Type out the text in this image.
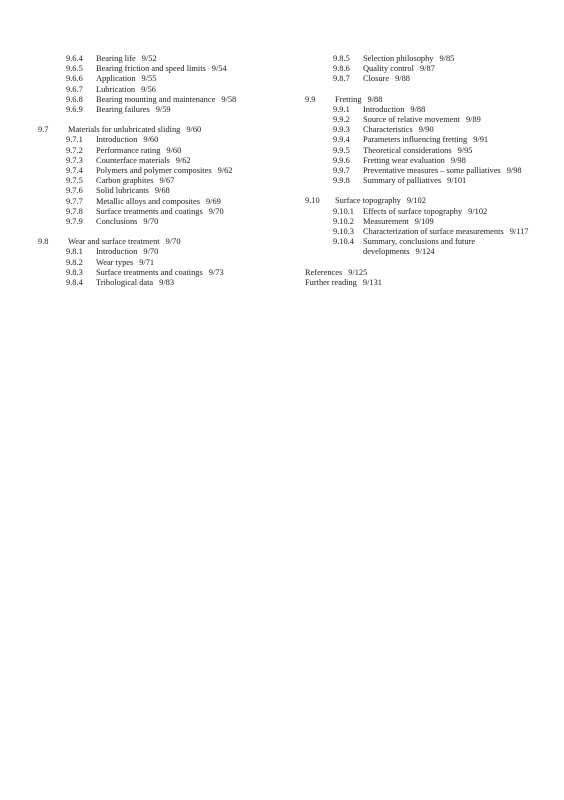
9.6.4	Bearing life 9/52
9.6.5	Bearing friction and speed limits 9/54
9.6.6	Application 9/55
9.6.7	Lubrication 9/56
9.6.8	Bearing mounting and maintenance 9/58
9.6.9	Bearing failures 9/59
9.7	Materials for unlubricated sliding 9/60
9.7.1	Introduction 9/60
9.7.2	Performance rating 9/60
9.7.3	Counterface materials 9/62
9.7.4	Polymers and polymer composites 9/62
9.7.5	Carbon graphites 9/67
9.7.6	Solid lubricants 9/68
9.7.7	Metallic alloys and composites 9/69
9.7.8	Surface treatments and coatings 9/70
9.7.9	Conclusions 9/70
9.8	Wear and surface treatment 9/70
9.8.1	Introduction 9/70
9.8.2	Wear types 9/71
9.8.3	Surface treatments and coatings 9/73
9.8.4	Tribological data 9/83
9.8.5	Selection philosophy 9/85
9.8.6	Quality control 9/87
9.8.7	Closure 9/88
9.9	Fretting 9/88
9.9.1	Introduction 9/88
9.9.2	Source of relative movement 9/89
9.9.3	Characteristics 9/90
9.9.4	Parameters influencing fretting 9/91
9.9.5	Theoretical considerations 9/95
9.9.6	Fretting wear evaluation 9/98
9.9.7	Preventative measures – some palliatives 9/98
9.9.8	Summary of palliatives 9/101
9.10	Surface topography 9/102
9.10.1	Effects of surface topography 9/102
9.10.2	Measurement 9/109
9.10.3	Characterization of surface measurements 9/117
9.10.4	Summary, conclusions and future
developments 9/124
References 9/125
Further reading 9/131
